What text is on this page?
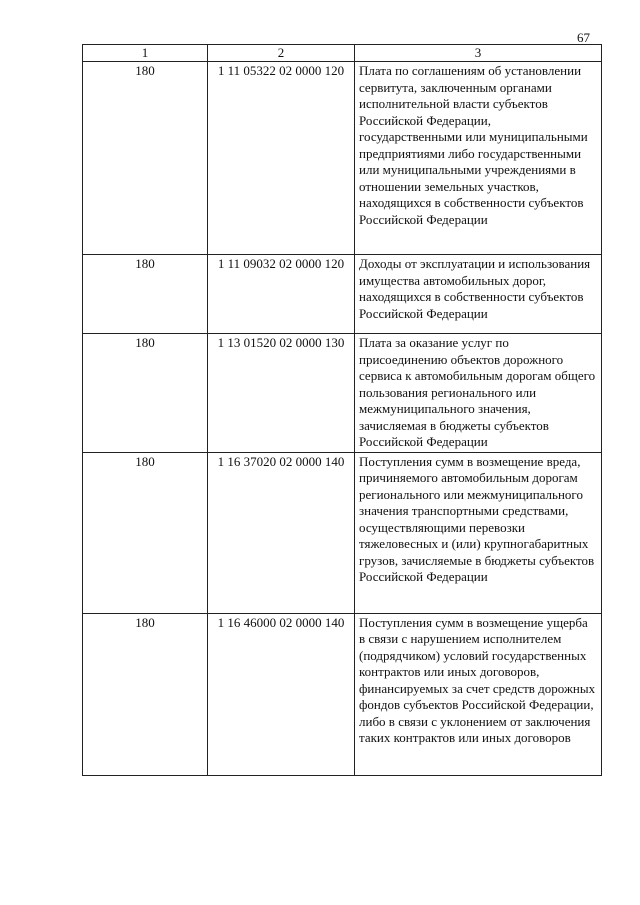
67
1	2	3
180	1 11 05322 02 0000 120	Плата по соглашениям об установлении сервитута, заключенным органами исполнительной власти субъектов Российской Федерации, государственными или муниципальными предприятиями либо государственными или муниципальными учреждениями в отношении земельных участков, находящихся в собственности субъектов Российской Федерации
180	1 11 09032 02 0000 120	Доходы от эксплуатации и использования имущества автомобильных дорог, находящихся в собственности субъектов Российской Федерации
180	1 13 01520 02 0000 130	Плата за оказание услуг по присоединению объектов дорожного сервиса к автомобильным дорогам общего пользования регионального или межмуниципального значения, зачисляемая в бюджеты субъектов Российской Федерации
180	1 16 37020 02 0000 140	Поступления сумм в возмещение вреда, причиняемого автомобильным дорогам регионального или межмуниципального значения транспортными средствами, осуществляющими перевозки тяжеловесных и (или) крупногабаритных грузов, зачисляемые в бюджеты субъектов Российской Федерации
180	1 16 46000 02 0000 140	Поступления сумм в возмещение ущерба в связи с нарушением исполнителем (подрядчиком) условий государственных контрактов или иных договоров, финансируемых за счет средств дорожных фондов субъектов Российской Федерации, либо в связи с уклонением от заключения таких контрактов или иных договоров
